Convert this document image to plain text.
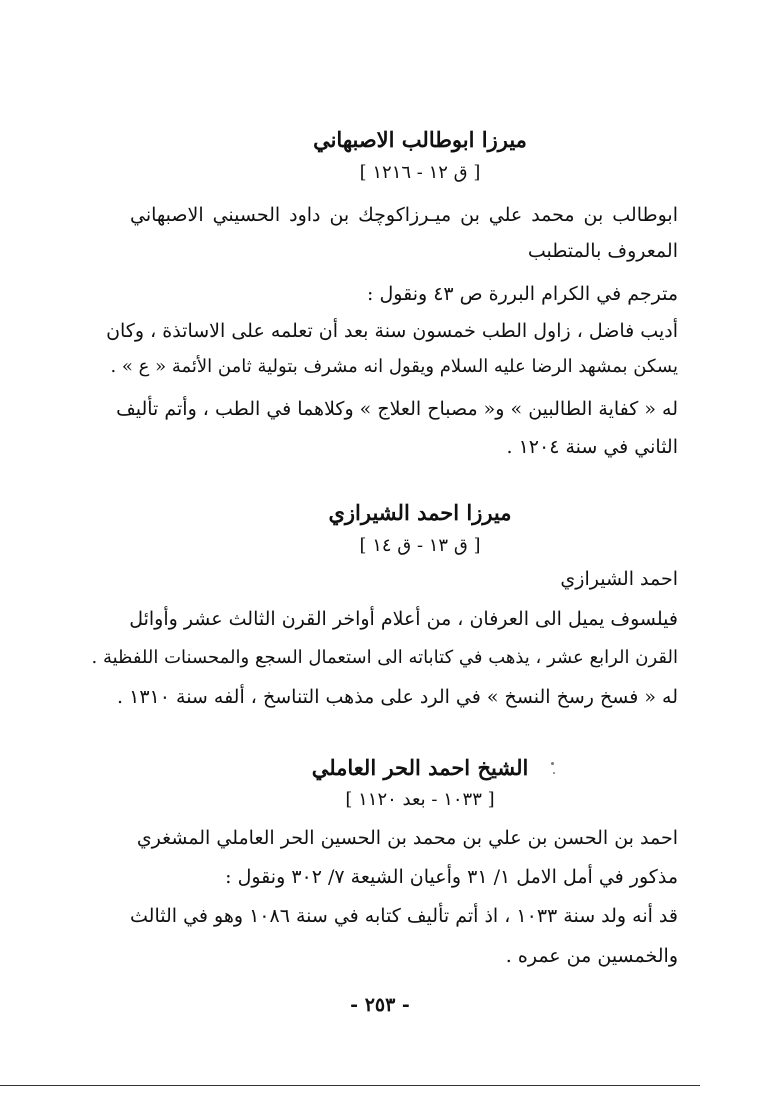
ميرزا ابوطالب الاصبهاني
[ ق ١٢ - ١٢١٦ ]
ابوطالب بن محمد علي بن ميـرزاكوچك بن داود الحسيني الاصبهاني
المعروف بالمتطبب
مترجم في الكرام البررة ص ٤٣ ونقول :
أديب فاضل ، زاول الطب خمسون سنة بعد أن تعلمه على الاساتذة ، وكان
يسكن بمشهد الرضا عليه السلام ويقول انه مشرف بتولية ثامن الأئمة « ع » .
له « كفاية الطالبين » و« مصباح العلاج » وكلاهما في الطب ، وأتم تأليف
الثاني في سنة ١٢٠٤ .
ميرزا احمد الشيرازي
[ ق ١٣ - ق ١٤ ]
احمد الشيرازي
فيلسوف يميل الى العرفان ، من أعلام أواخر القرن الثالث عشر وأوائل
القرن الرابع عشر ، يذهب في كتاباته الى استعمال السجع والمحسنات اللفظية .
له « فسخ رسخ النسخ » في الرد على مذهب التناسخ ، ألفه سنة ١٣١٠ .
الشيخ احمد الحر العاملي
[ ١٠٣٣ - بعد ١١٢٠ ]
احمد بن الحسن بن علي بن محمد بن الحسين الحر العاملي المشغري
مذكور في أمل الامل ١/ ٣١ وأعيان الشيعة ٧/ ٣٠٢ ونقول :
قد أنه ولد سنة ١٠٣٣ ، اذ أتم تأليف كتابه في سنة ١٠٨٦ وهو في الثالث
والخمسين من عمره .
- ٢٥٣ -
